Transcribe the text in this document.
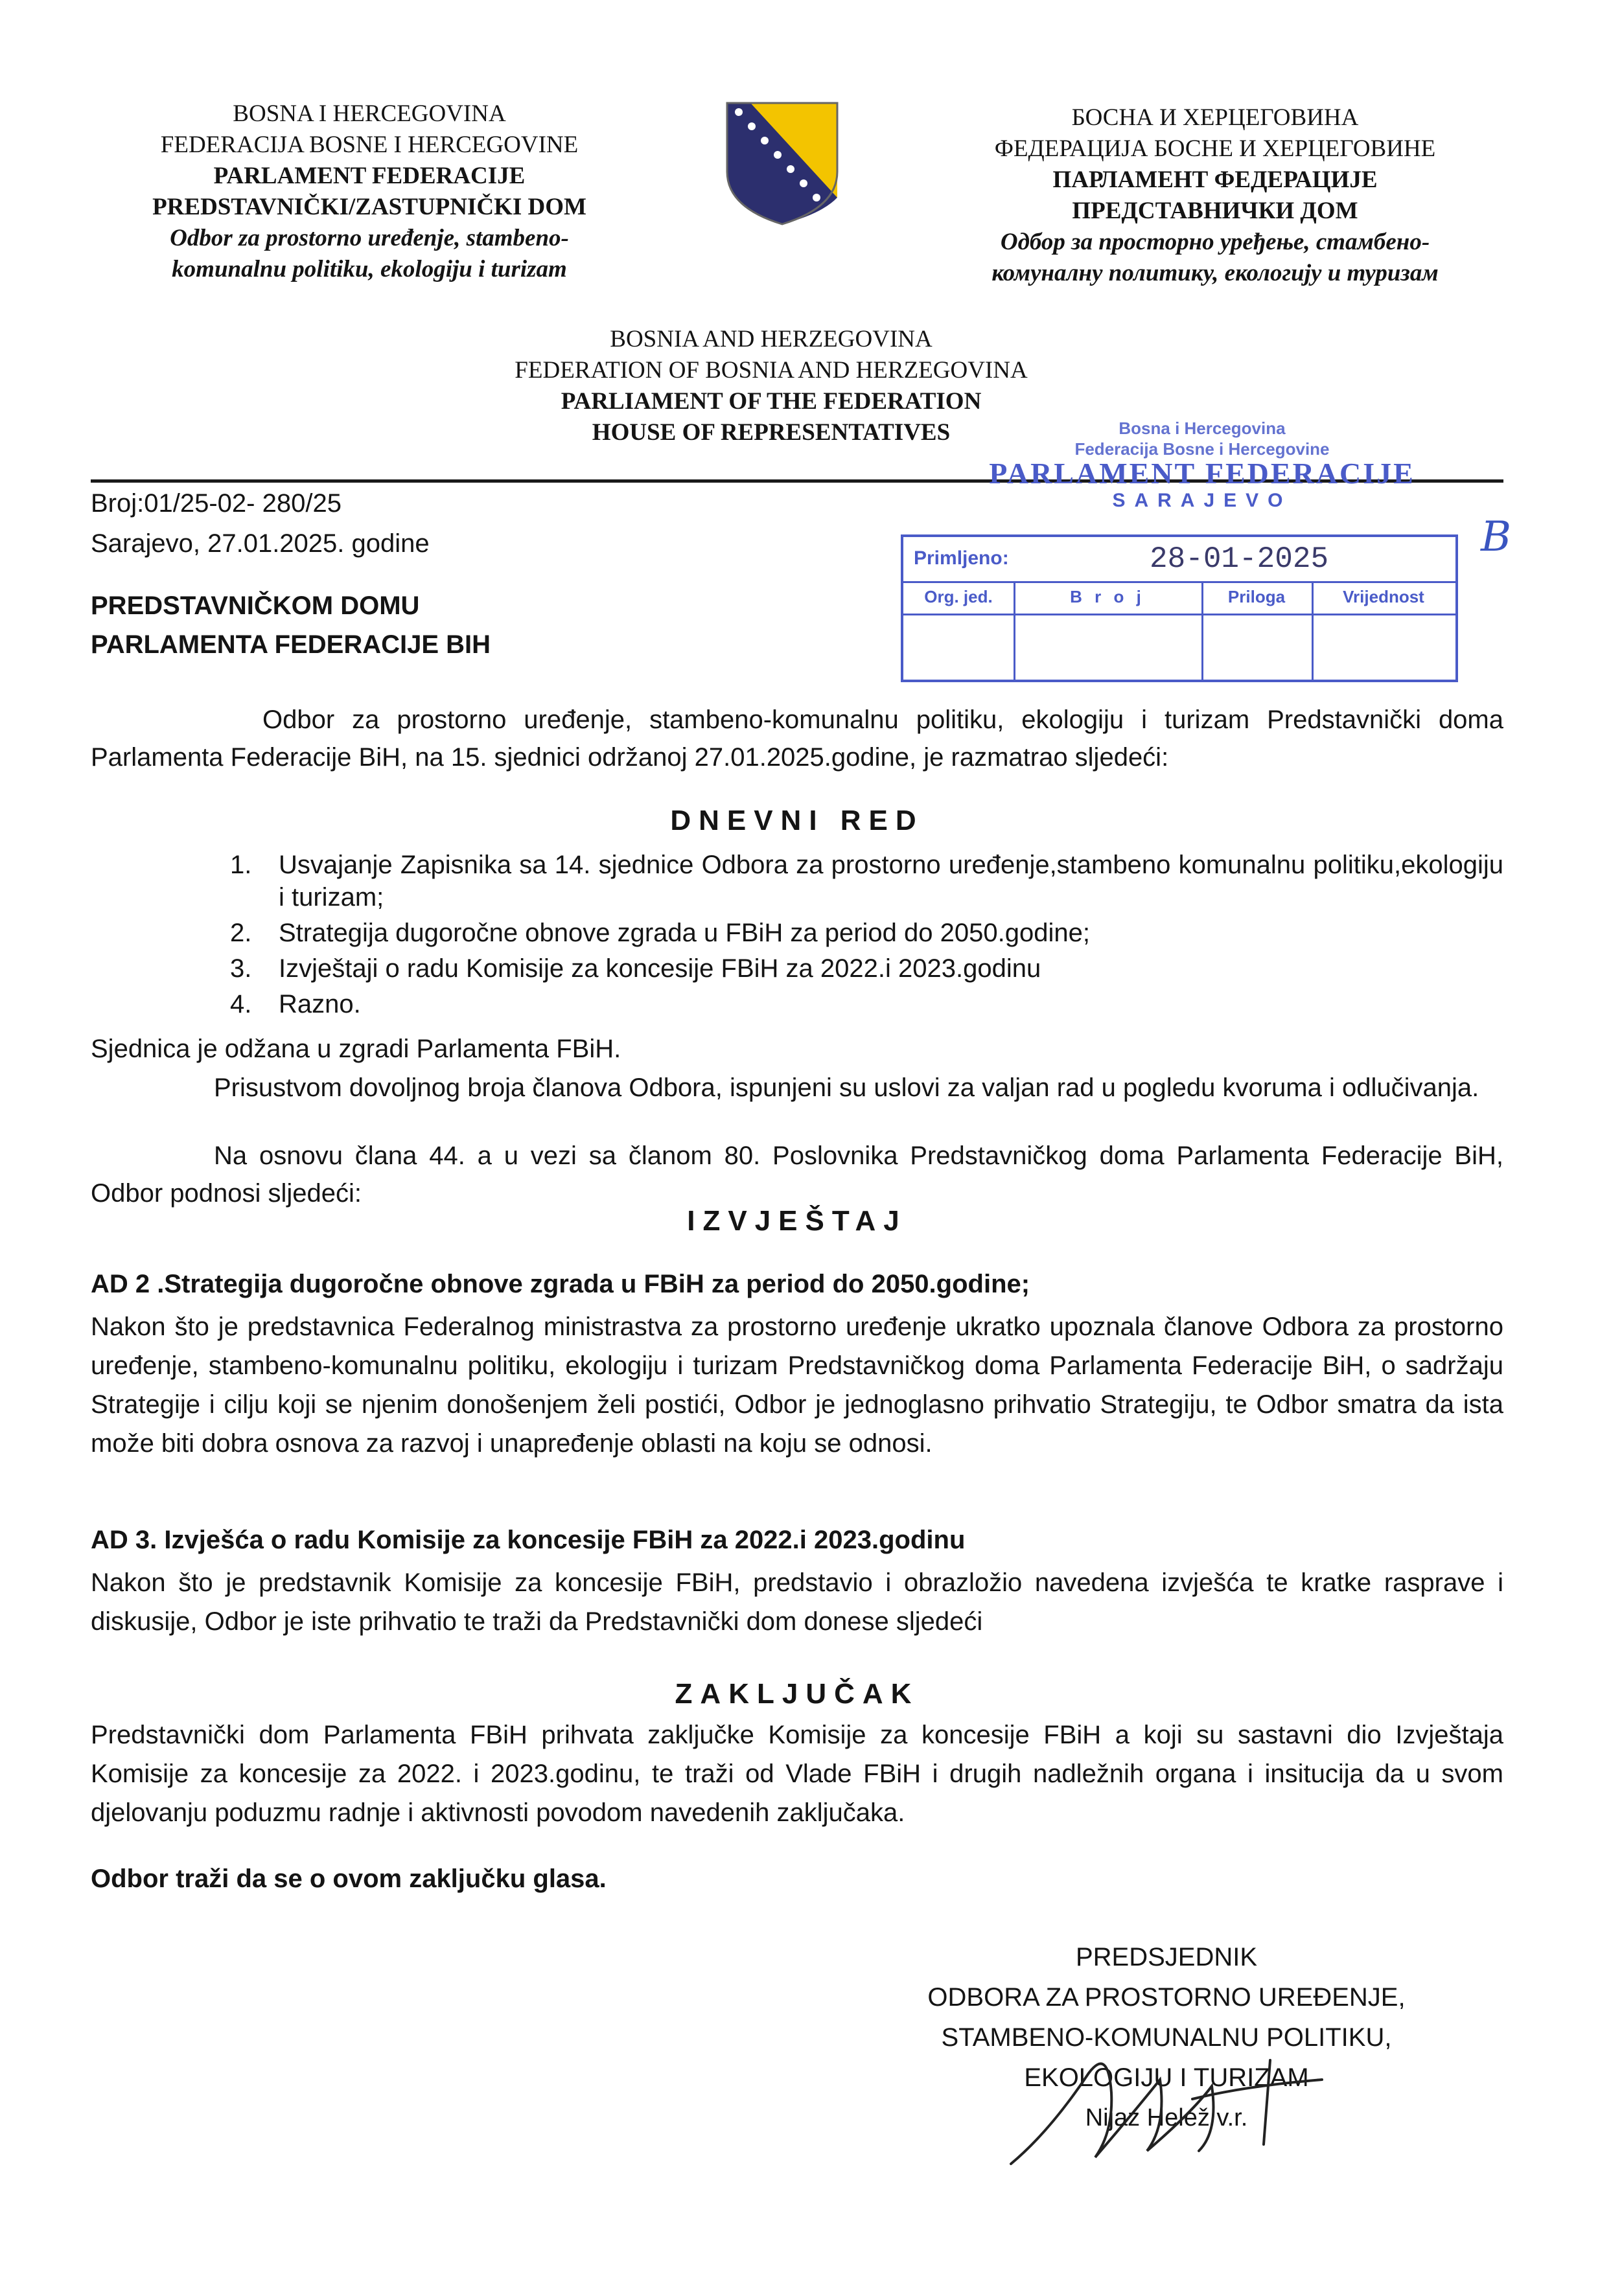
BOSNA I HERCEGOVINA
FEDERACIJA BOSNE I HERCEGOVINE
PARLAMENT FEDERACIJE
PREDSTAVNIČKI/ZASTUPNIČKI DOM
Odbor za prostorno uređenje, stambeno-
komunalnu politiku, ekologiju i turizam
БОСНА И ХЕРЦЕГОВИНА
ФЕДЕРАЦИЈА БОСНЕ И ХЕРЦЕГОВИНЕ
ПАРЛАМЕНТ ФЕДЕРАЦИЈЕ
ПРЕДСТАВНИЧКИ ДОМ
Одбор за просторно уређење, стамбено-
комуналну политику, екологију и туризам
BOSNIA AND HERZEGOVINA
FEDERATION OF BOSNIA AND HERZEGOVINA
PARLIAMENT OF THE FEDERATION
HOUSE OF REPRESENTATIVES
Broj:01/25-02- 280/25
Sarajevo, 27.01.2025. godine
PREDSTAVNIČKOM DOMU
PARLAMENTA FEDERACIJE BIH
Bosna i Hercegovina
Federacija Bosne i Hercegovine
PARLAMENT FEDERACIJE
SARAJEVO
Primljeno:	28-01-2025
Org. jed.	B r o j	Priloga	Vrijednost
B
Odbor za prostorno uređenje, stambeno-komunalnu politiku, ekologiju i turizam Predstavnički doma Parlamenta Federacije BiH, na 15. sjednici održanoj 27.01.2025.godine, je razmatrao sljedeći:
DNEVNI RED
1. Usvajanje Zapisnika sa 14. sjednice Odbora za prostorno uređenje,stambeno komunalnu politiku,ekologiju i turizam;
2. Strategija dugoročne obnove zgrada u FBiH za period do 2050.godine;
3. Izvještaji o radu Komisije za koncesije FBiH za 2022.i 2023.godinu
4. Razno.
Sjednica je odžana u zgradi Parlamenta FBiH.
Prisustvom dovoljnog broja članova Odbora, ispunjeni su uslovi za valjan rad u pogledu kvoruma i odlučivanja.
Na osnovu člana 44. a u vezi sa članom 80. Poslovnika Predstavničkog doma Parlamenta Federacije BiH, Odbor podnosi sljedeći:
IZVJEŠTAJ
AD 2 .Strategija dugoročne obnove zgrada u FBiH za period do 2050.godine;
Nakon što je predstavnica Federalnog ministrastva za prostorno uređenje ukratko upoznala članove Odbora za prostorno uređenje, stambeno-komunalnu politiku, ekologiju i turizam Predstavničkog doma Parlamenta Federacije BiH, o sadržaju Strategije i cilju koji se njenim donošenjem želi postići, Odbor je jednoglasno prihvatio Strategiju, te Odbor smatra da ista može biti dobra osnova za razvoj i unapređenje oblasti na koju se odnosi.
AD 3. Izvješća o radu Komisije za koncesije FBiH za 2022.i 2023.godinu
Nakon što je predstavnik Komisije za koncesije FBiH, predstavio i obrazložio navedena izvješća te kratke rasprave i diskusije, Odbor je iste prihvatio te traži da Predstavnički dom donese sljedeći
ZAKLJUČAK
Predstavnički dom Parlamenta FBiH prihvata zaključke Komisije za koncesije FBiH a koji su sastavni dio Izvještaja Komisije za koncesije za 2022. i 2023.godinu, te traži od Vlade FBiH i drugih nadležnih organa i insitucija da u svom djelovanju poduzmu radnje i aktivnosti povodom navedenih zaključaka.
Odbor traži da se o ovom zaključku glasa.
PREDSJEDNIK
ODBORA ZA PROSTORNO UREĐENJE,
STAMBENO-KOMUNALNU POLITIKU,
EKOLOGIJU I TURIZAM
Nijaz Helež v.r.
